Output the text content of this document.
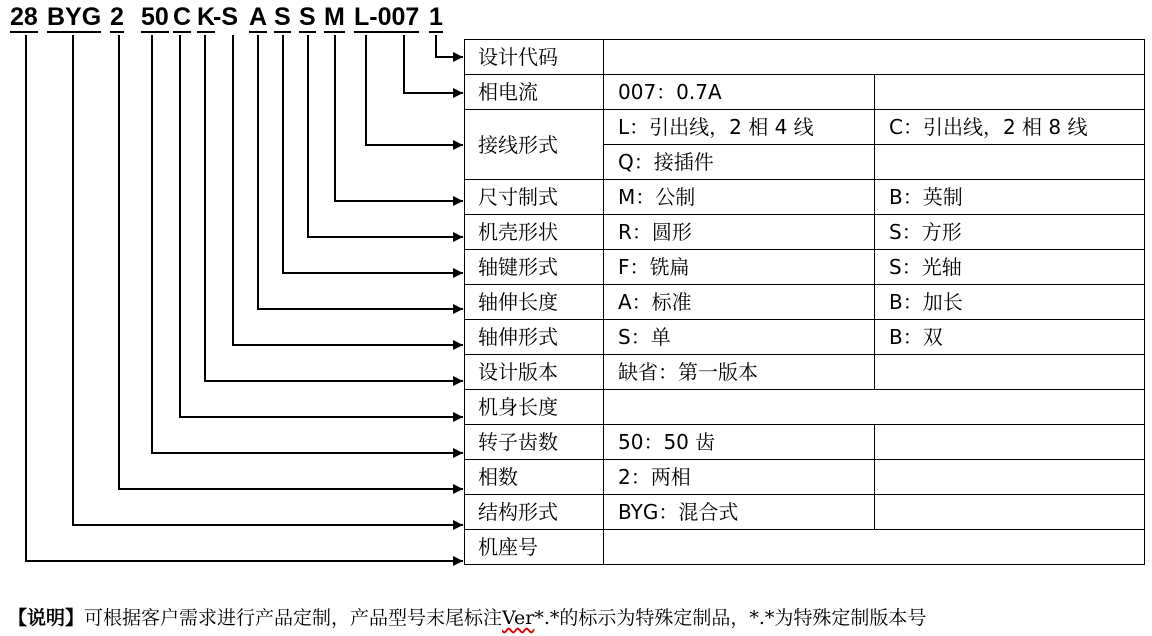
28 BYG 2 50 C K
-S A S S M L-007 1
设计代码		
相电流	007：0.7A	
接线形式	L：引出线，2 相 4 线	C：引出线，2 相 8 线
	Q：接插件	
尺寸制式	M：公制	B：英制
机壳形状	R：圆形	S：方形
轴键形式	F：铣扁	S：光轴
轴伸长度	A：标准	B：加长
轴伸形式	S：单	B：双
设计版本	缺省：第一版本	
机身长度		
转子齿数	50：50 齿	
相数	2：两相	
结构形式	BYG：混合式	
机座号		
【说明】可根据客户需求进行产品定制，产品型号末尾标注Ver*.*的标示为特殊定制品，*.*为特殊定制版本号
